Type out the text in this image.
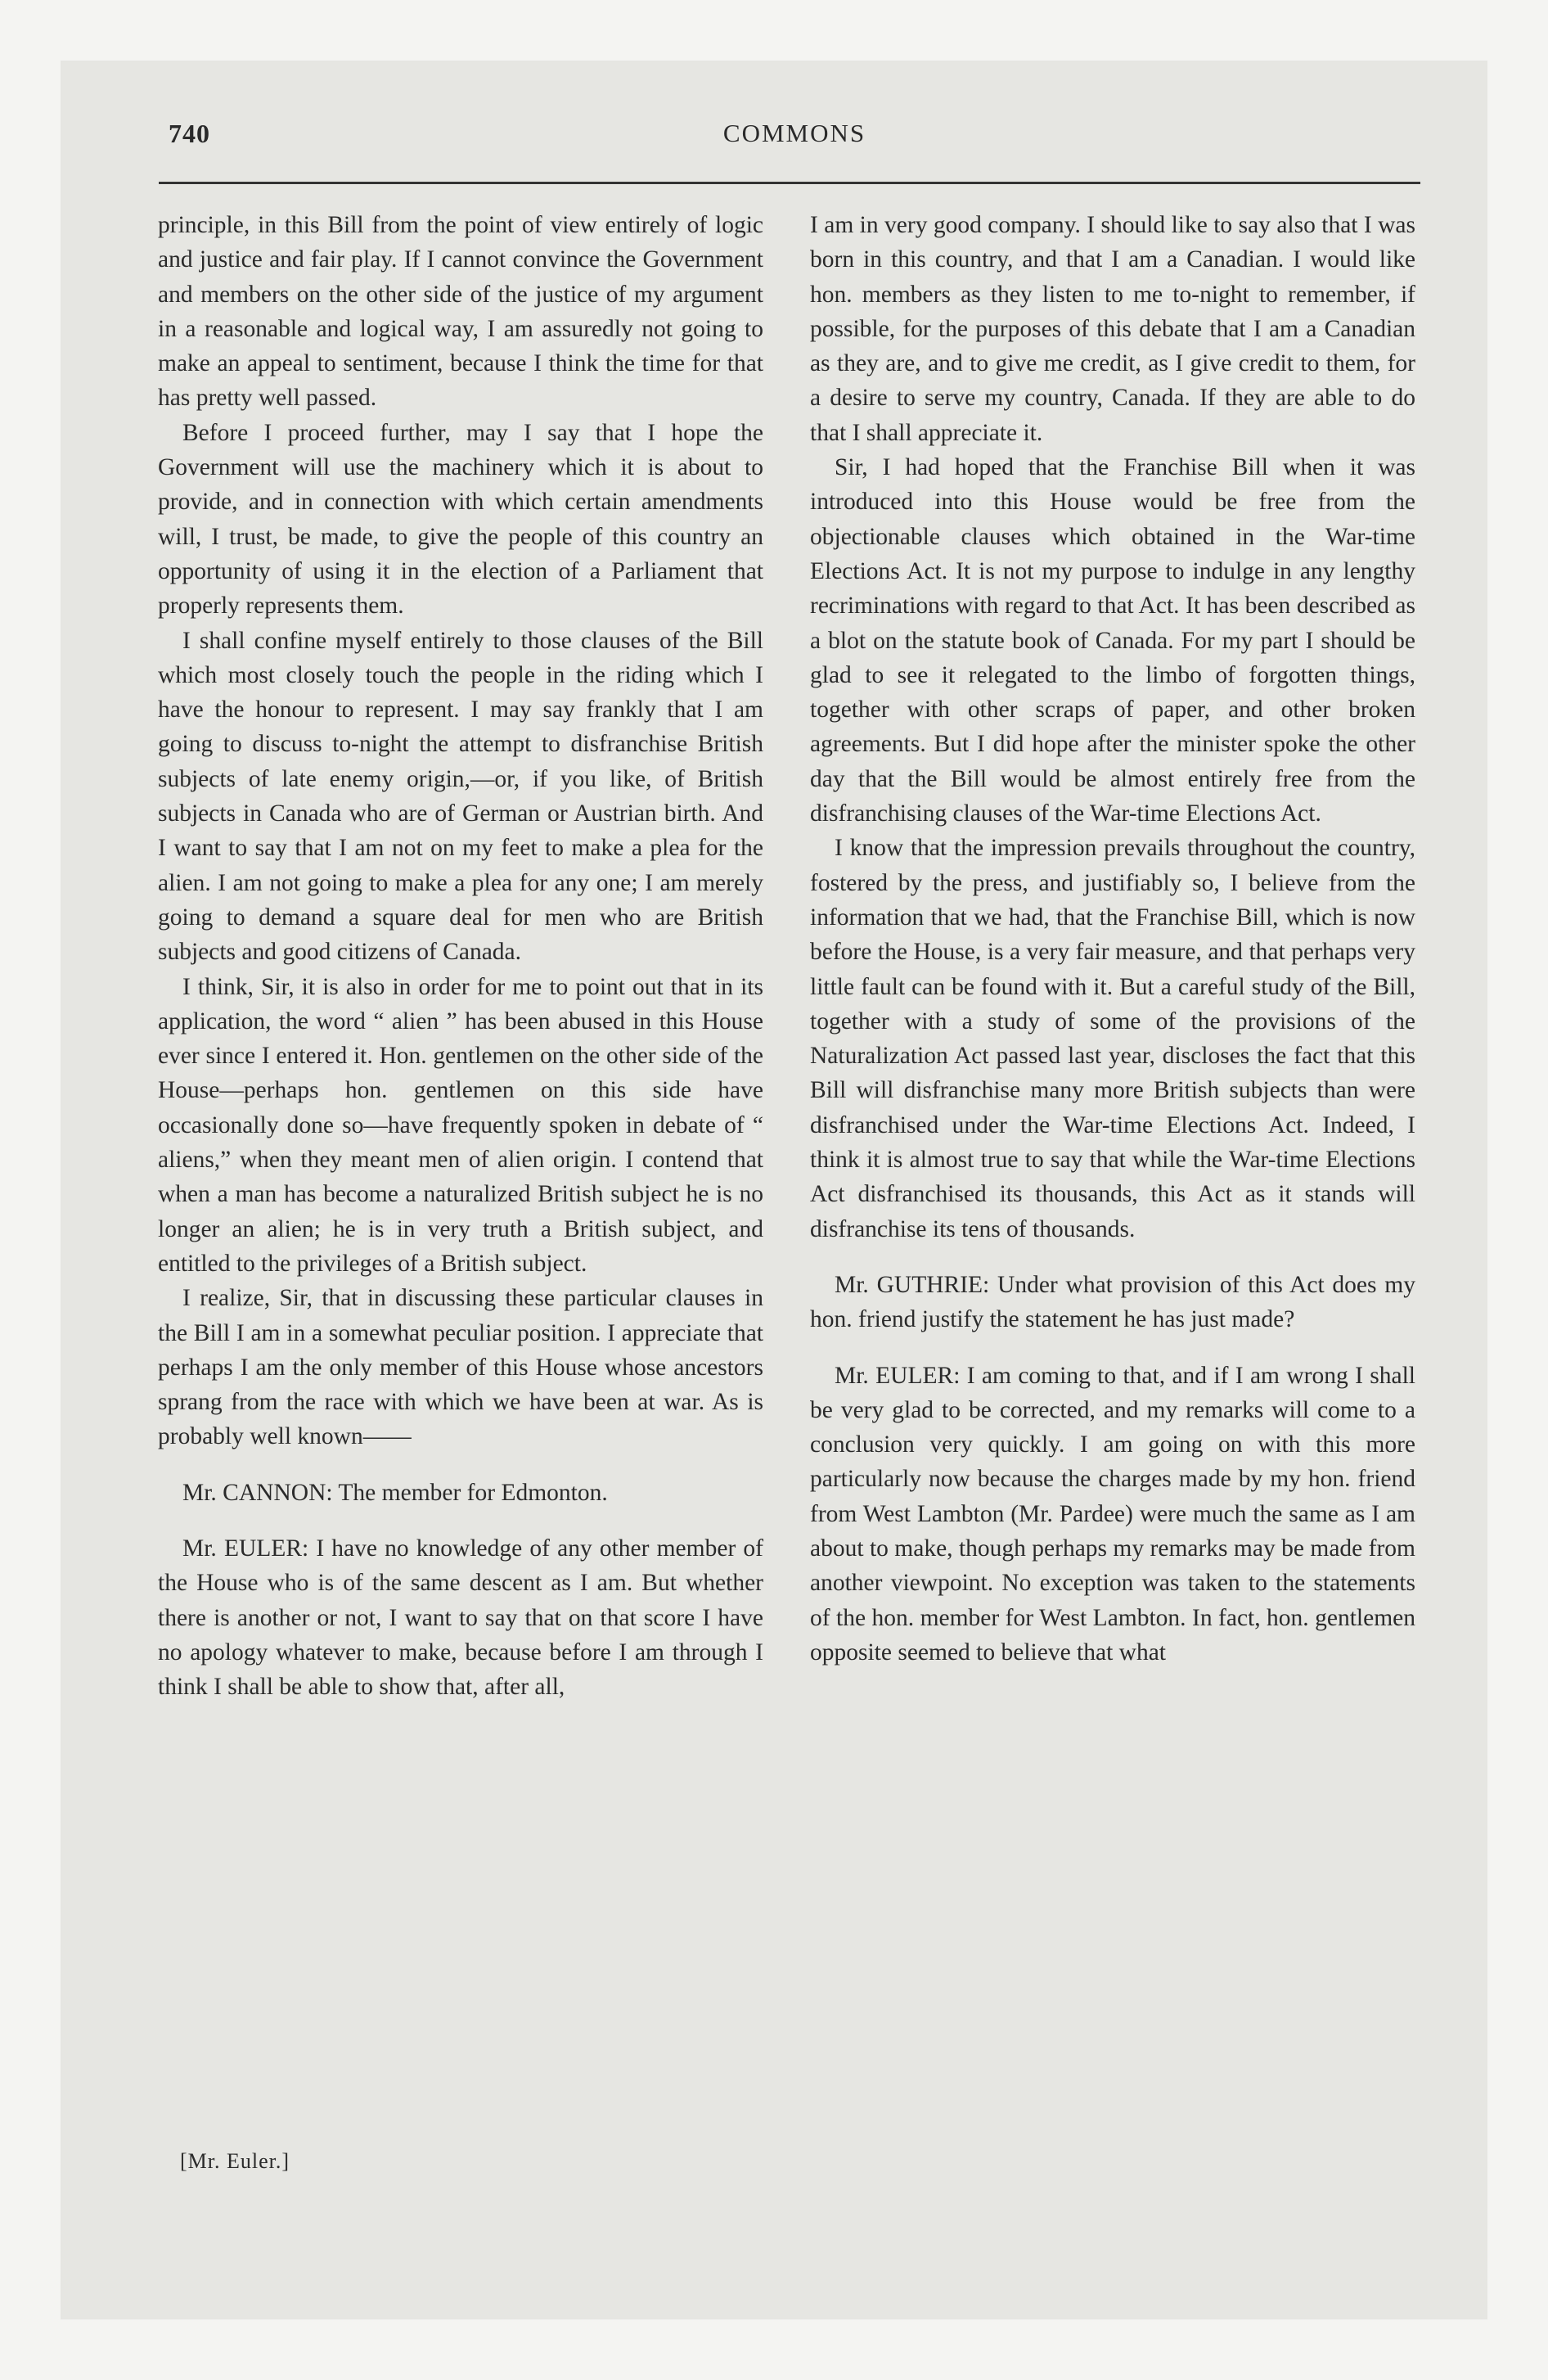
740	COMMONS

principle, in this Bill from the point of view entirely of logic and justice and fair play. If I cannot convince the Government and members on the other side of the justice of my argument in a reasonable and logical way, I am assuredly not going to make an appeal to sentiment, because I think the time for that has pretty well passed.

Before I proceed further, may I say that I hope the Government will use the machinery which it is about to provide, and in connection with which certain amendments will, I trust, be made, to give the people of this country an opportunity of using it in the election of a Parliament that properly represents them.

I shall confine myself entirely to those clauses of the Bill which most closely touch the people in the riding which I have the honour to represent. I may say frankly that I am going to discuss to-night the attempt to disfranchise British subjects of late enemy origin,—or, if you like, of British subjects in Canada who are of German or Austrian birth. And I want to say that I am not on my feet to make a plea for the alien. I am not going to make a plea for any one; I am merely going to demand a square deal for men who are British subjects and good citizens of Canada.

I think, Sir, it is also in order for me to point out that in its application, the word “ alien ” has been abused in this House ever since I entered it. Hon. gentlemen on the other side of the House—perhaps hon. gentlemen on this side have occasionally done so—have frequently spoken in debate of “ aliens,” when they meant men of alien origin. I contend that when a man has become a naturalized British subject he is no longer an alien; he is in very truth a British subject, and entitled to the privileges of a British subject.

I realize, Sir, that in discussing these particular clauses in the Bill I am in a somewhat peculiar position. I appreciate that perhaps I am the only member of this House whose ancestors sprang from the race with which we have been at war. As is probably well known——

Mr. CANNON: The member for Edmonton.

Mr. EULER: I have no knowledge of any other member of the House who is of the same descent as I am. But whether there is another or not, I want to say that on that score I have no apology whatever to make, because before I am through I think I shall be able to show that, after all,

[Mr. Euler.]

I am in very good company. I should like to say also that I was born in this country, and that I am a Canadian. I would like hon. members as they listen to me to-night to remember, if possible, for the purposes of this debate that I am a Canadian as they are, and to give me credit, as I give credit to them, for a desire to serve my country, Canada. If they are able to do that I shall appreciate it.

Sir, I had hoped that the Franchise Bill when it was introduced into this House would be free from the objectionable clauses which obtained in the War-time Elections Act. It is not my purpose to indulge in any lengthy recriminations with regard to that Act. It has been described as a blot on the statute book of Canada. For my part I should be glad to see it relegated to the limbo of forgotten things, together with other scraps of paper, and other broken agreements. But I did hope after the minister spoke the other day that the Bill would be almost entirely free from the disfranchising clauses of the War-time Elections Act.

I know that the impression prevails throughout the country, fostered by the press, and justifiably so, I believe from the information that we had, that the Franchise Bill, which is now before the House, is a very fair measure, and that perhaps very little fault can be found with it. But a careful study of the Bill, together with a study of some of the provisions of the Naturalization Act passed last year, discloses the fact that this Bill will disfranchise many more British subjects than were disfranchised under the War-time Elections Act. Indeed, I think it is almost true to say that while the War-time Elections Act disfranchised its thousands, this Act as it stands will disfranchise its tens of thousands.

Mr. GUTHRIE: Under what provision of this Act does my hon. friend justify the statement he has just made?

Mr. EULER: I am coming to that, and if I am wrong I shall be very glad to be corrected, and my remarks will come to a conclusion very quickly. I am going on with this more particularly now because the charges made by my hon. friend from West Lambton (Mr. Pardee) were much the same as I am about to make, though perhaps my remarks may be made from another viewpoint. No exception was taken to the statements of the hon. member for West Lambton. In fact, hon. gentlemen opposite seemed to believe that what
